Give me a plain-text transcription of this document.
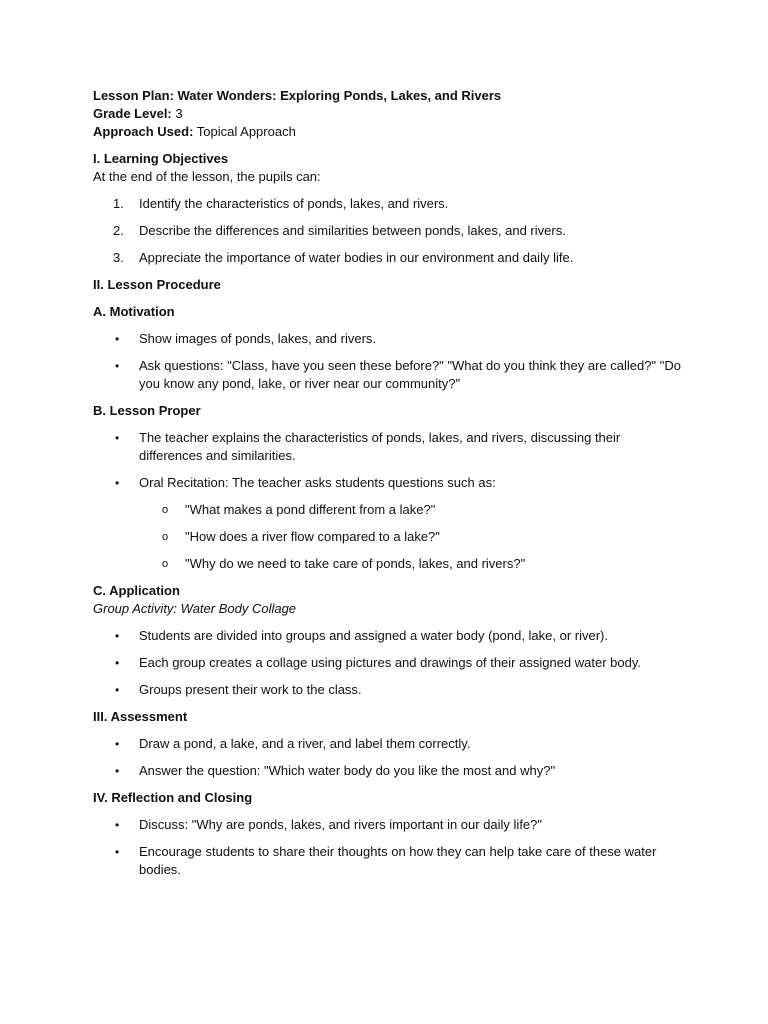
Lesson Plan: Water Wonders: Exploring Ponds, Lakes, and Rivers

Grade Level: 3

Approach Used: Topical Approach

I. Learning Objectives

At the end of the lesson, the pupils can:

1.	Identify the characteristics of ponds, lakes, and rivers.
2.	Describe the differences and similarities between ponds, lakes, and rivers.
3.	Appreciate the importance of water bodies in our environment and daily life.

II. Lesson Procedure

A. Motivation

•	Show images of ponds, lakes, and rivers.
•	Ask questions: "Class, have you seen these before?" "What do you think they are called?" "Do you know any pond, lake, or river near our community?"

B. Lesson Proper

•	The teacher explains the characteristics of ponds, lakes, and rivers, discussing their differences and similarities.
•	Oral Recitation: The teacher asks students questions such as:
o	"What makes a pond different from a lake?"
o	"How does a river flow compared to a lake?"
o	"Why do we need to take care of ponds, lakes, and rivers?"

C. Application

Group Activity: Water Body Collage

•	Students are divided into groups and assigned a water body (pond, lake, or river).
•	Each group creates a collage using pictures and drawings of their assigned water body.
•	Groups present their work to the class.

III. Assessment

•	Draw a pond, a lake, and a river, and label them correctly.
•	Answer the question: "Which water body do you like the most and why?"

IV. Reflection and Closing

•	Discuss: "Why are ponds, lakes, and rivers important in our daily life?"
•	Encourage students to share their thoughts on how they can help take care of these water bodies.
